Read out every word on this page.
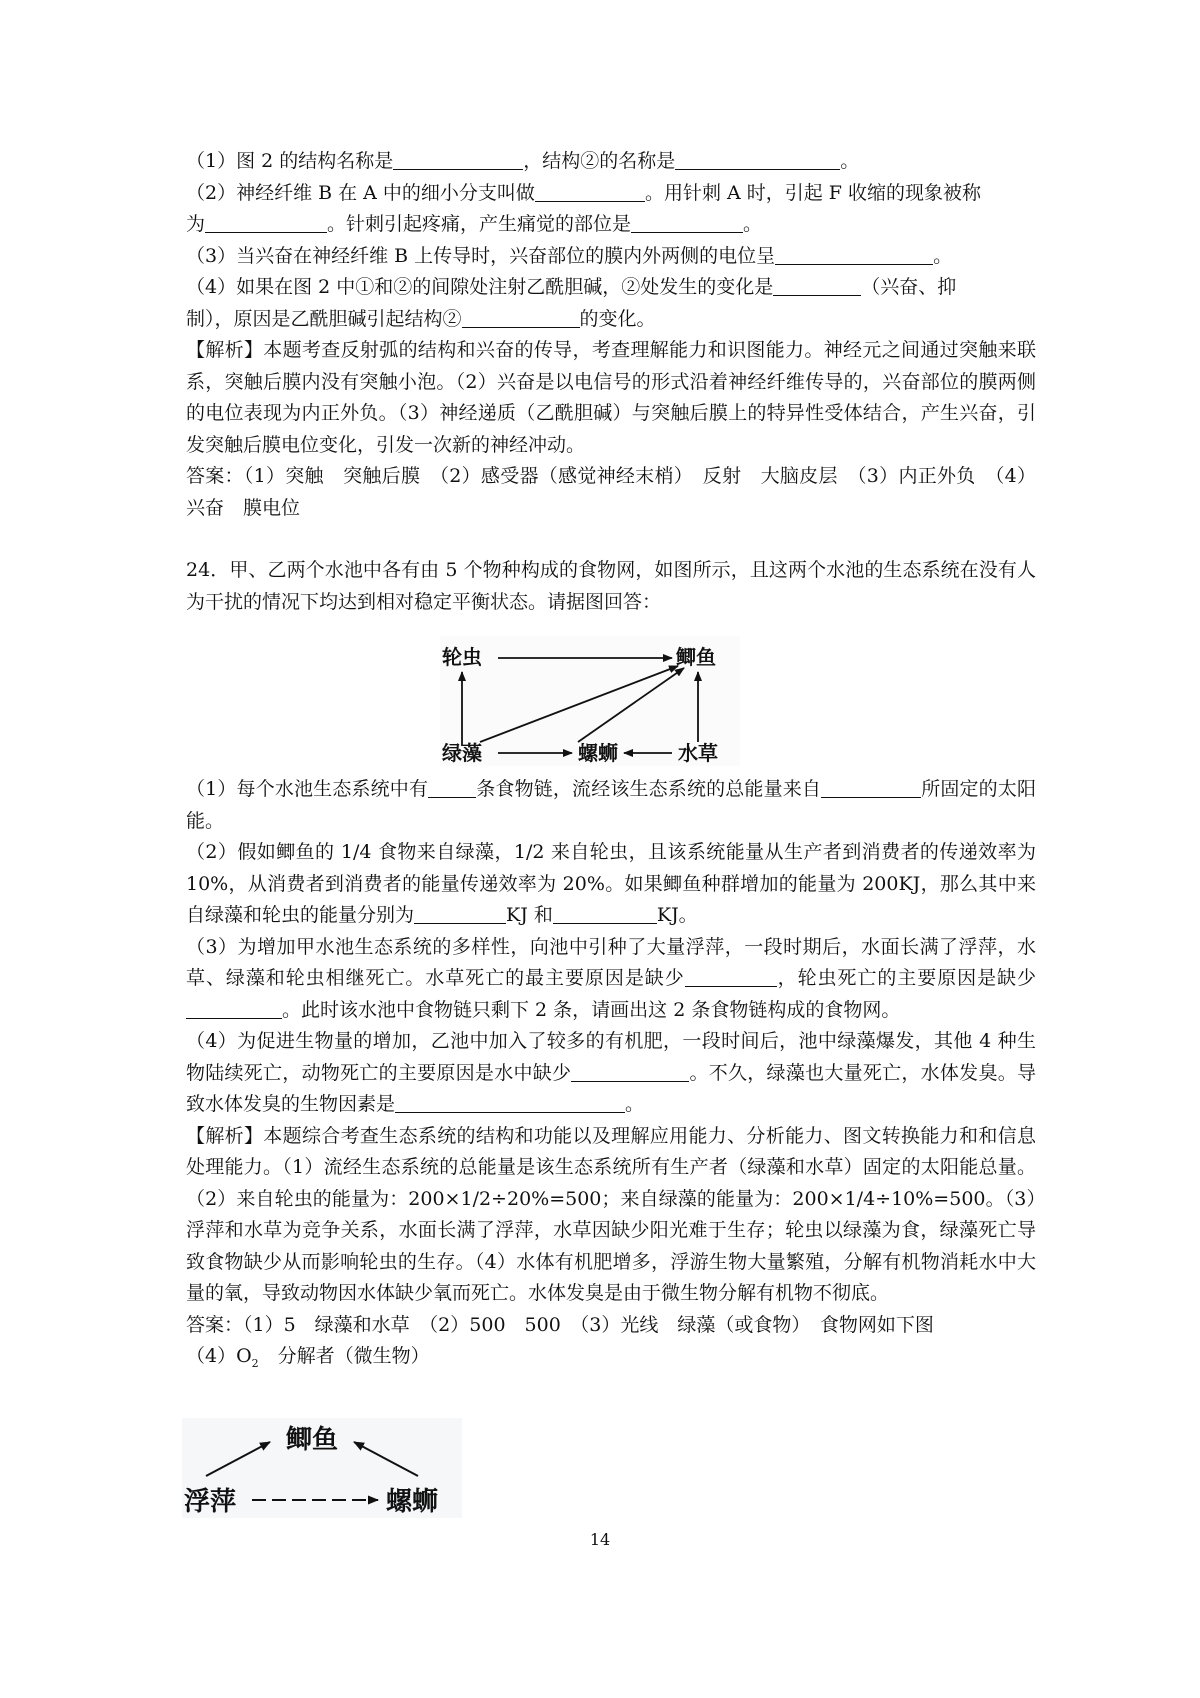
（1）图 2 的结构名称是	，结构②的名称是	。

（2）神经纤维 B 在 A 中的细小分支叫做	。用针刺 A 时，引起 F 收缩的现象被称

为	。针刺引起疼痛，产生痛觉的部位是	。

（3）当兴奋在神经纤维 B 上传导时，兴奋部位的膜内外两侧的电位呈	。

（4）如果在图 2 中①和②的间隙处注射乙酰胆碱，②处发生的变化是	（兴奋、抑

制），原因是乙酰胆碱引起结构②	的变化。

【解析】本题考查反射弧的结构和兴奋的传导，考查理解能力和识图能力。神经元之间通过突触来联系，突触后膜内没有突触小泡。（2）兴奋是以电信号的形式沿着神经纤维传导的，兴奋部位的膜两侧的电位表现为内正外负。（3）神经递质（乙酰胆碱）与突触后膜上的特异性受体结合，产生兴奋，引发突触后膜电位变化，引发一次新的神经冲动。

答案：（1）突触　突触后膜　（2）感受器（感觉神经末梢）　反射　大脑皮层　（3）内正外负　（4）兴奋　膜电位

24．甲、乙两个水池中各有由 5 个物种构成的食物网，如图所示，且这两个水池的生态系统在没有人为干扰的情况下均达到相对稳定平衡状态。请据图回答：

轮虫	鲫鱼
绿藻	螺蛳	水草

（1）每个水池生态系统中有	条食物链，流经该生态系统的总能量来自	所固定的太阳能。

（2）假如鲫鱼的 1/4 食物来自绿藻，1/2 来自轮虫，且该系统能量从生产者到消费者的传递效率为 10%，从消费者到消费者的能量传递效率为 20%。如果鲫鱼种群增加的能量为 200KJ，那么其中来自绿藻和轮虫的能量分别为	KJ 和	KJ。

（3）为增加甲水池生态系统的多样性，向池中引种了大量浮萍，一段时期后，水面长满了浮萍，水草、绿藻和轮虫相继死亡。水草死亡的最主要原因是缺少	，轮虫死亡的主要原因是缺少。此时该水池中食物链只剩下 2 条，请画出这 2 条食物链构成的食物网。

（4）为促进生物量的增加，乙池中加入了较多的有机肥，一段时间后，池中绿藻爆发，其他 4 种生物陆续死亡，动物死亡的主要原因是水中缺少	。不久，绿藻也大量死亡，水体发臭。导致水体发臭的生物因素是	。

【解析】本题综合考查生态系统的结构和功能以及理解应用能力、分析能力、图文转换能力和和信息处理能力。（1）流经生态系统的总能量是该生态系统所有生产者（绿藻和水草）固定的太阳能总量。（2）来自轮虫的能量为：200×1/2÷20%=500；来自绿藻的能量为：200×1/4÷10%=500。（3）浮萍和水草为竞争关系，水面长满了浮萍，水草因缺少阳光难于生存；轮虫以绿藻为食，绿藻死亡导致食物缺少从而影响轮虫的生存。（4）水体有机肥增多，浮游生物大量繁殖，分解有机物消耗水中大量的氧，导致动物因水体缺少氧而死亡。水体发臭是由于微生物分解有机物不彻底。

答案：（1）5　绿藻和水草　（2）500　500　（3）光线　绿藻（或食物）　食物网如下图

$(4)O_2$　分解者（微生物）

鲫鱼
浮萍	螺蛳
14
